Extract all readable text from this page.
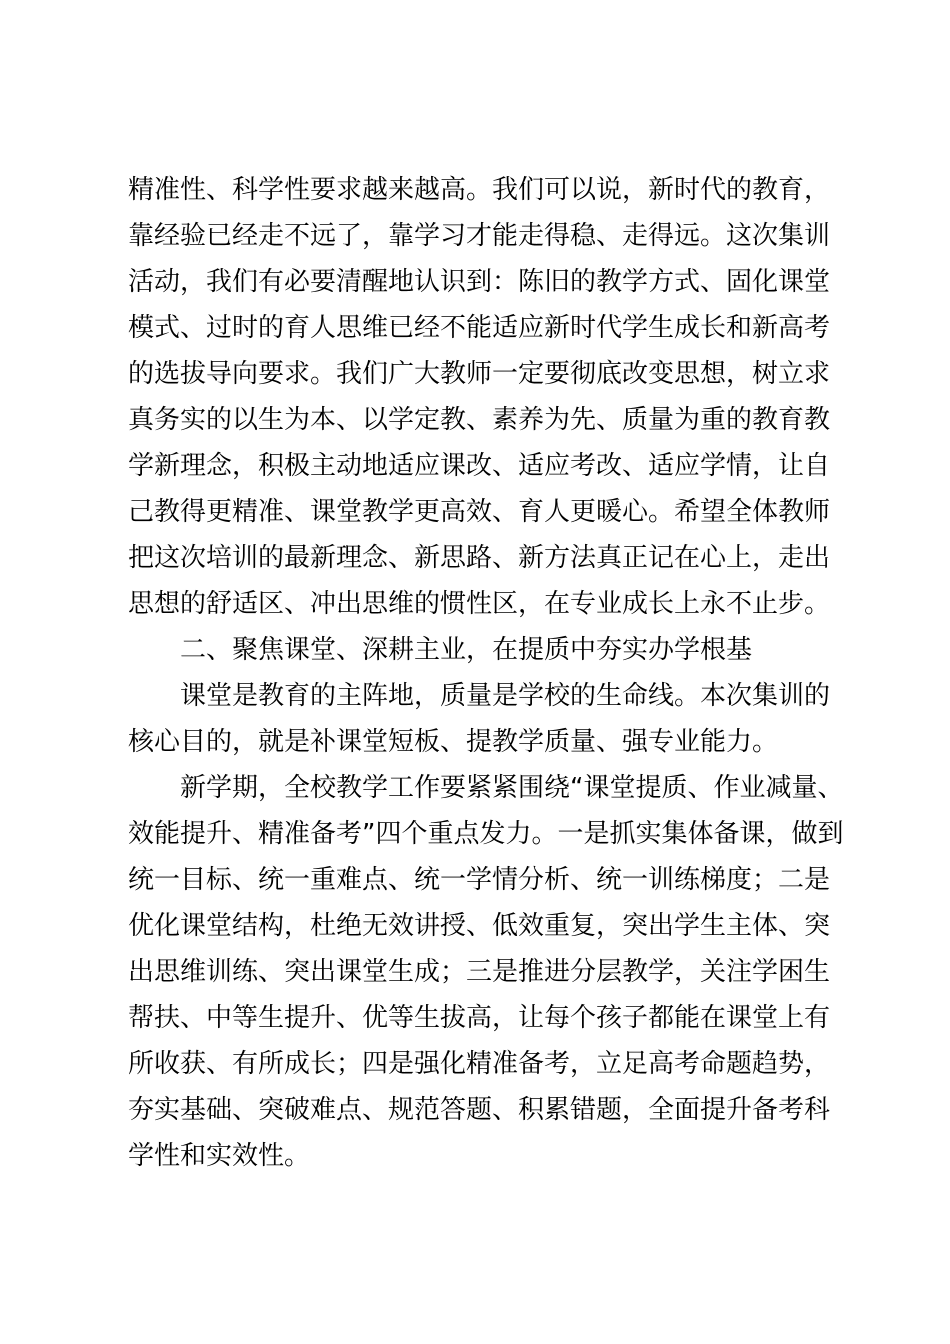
精准性、科学性要求越来越高。我们可以说，新时代的教育，
靠经验已经走不远了，靠学习才能走得稳、走得远。这次集训
活动，我们有必要清醒地认识到：陈旧的教学方式、固化课堂
模式、过时的育人思维已经不能适应新时代学生成长和新高考
的选拔导向要求。我们广大教师一定要彻底改变思想，树立求
真务实的以生为本、以学定教、素养为先、质量为重的教育教
学新理念，积极主动地适应课改、适应考改、适应学情，让自
己教得更精准、课堂教学更高效、育人更暖心。希望全体教师
把这次培训的最新理念、新思路、新方法真正记在心上，走出
思想的舒适区、冲出思维的惯性区，在专业成长上永不止步。
二、聚焦课堂、深耕主业，在提质中夯实办学根基
课堂是教育的主阵地，质量是学校的生命线。本次集训的
核心目的，就是补课堂短板、提教学质量、强专业能力。
新学期，全校教学工作要紧紧围绕“课堂提质、作业减量、
效能提升、精准备考”四个重点发力。一是抓实集体备课，做到
统一目标、统一重难点、统一学情分析、统一训练梯度；二是
优化课堂结构，杜绝无效讲授、低效重复，突出学生主体、突
出思维训练、突出课堂生成；三是推进分层教学，关注学困生
帮扶、中等生提升、优等生拔高，让每个孩子都能在课堂上有
所收获、有所成长；四是强化精准备考，立足高考命题趋势，
夯实基础、突破难点、规范答题、积累错题，全面提升备考科
学性和实效性。
